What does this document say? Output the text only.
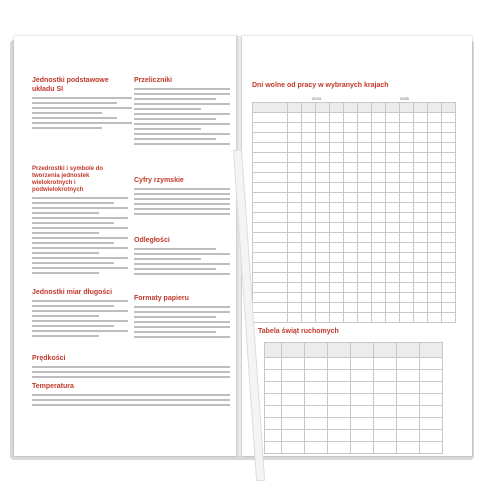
Jednostki podstawowe układu SI
Przeliczniki
Przedrostki i symbole do tworzenia jednostek wielokrotnych i podwielokrotnych
Cyfry rzymskie
Odległości
Jednostki miar długości
Formaty papieru
Prędkości
Temperatura
Dni wolne od pracy w wybranych krajach
2024	2025

Tabela świąt ruchomych
